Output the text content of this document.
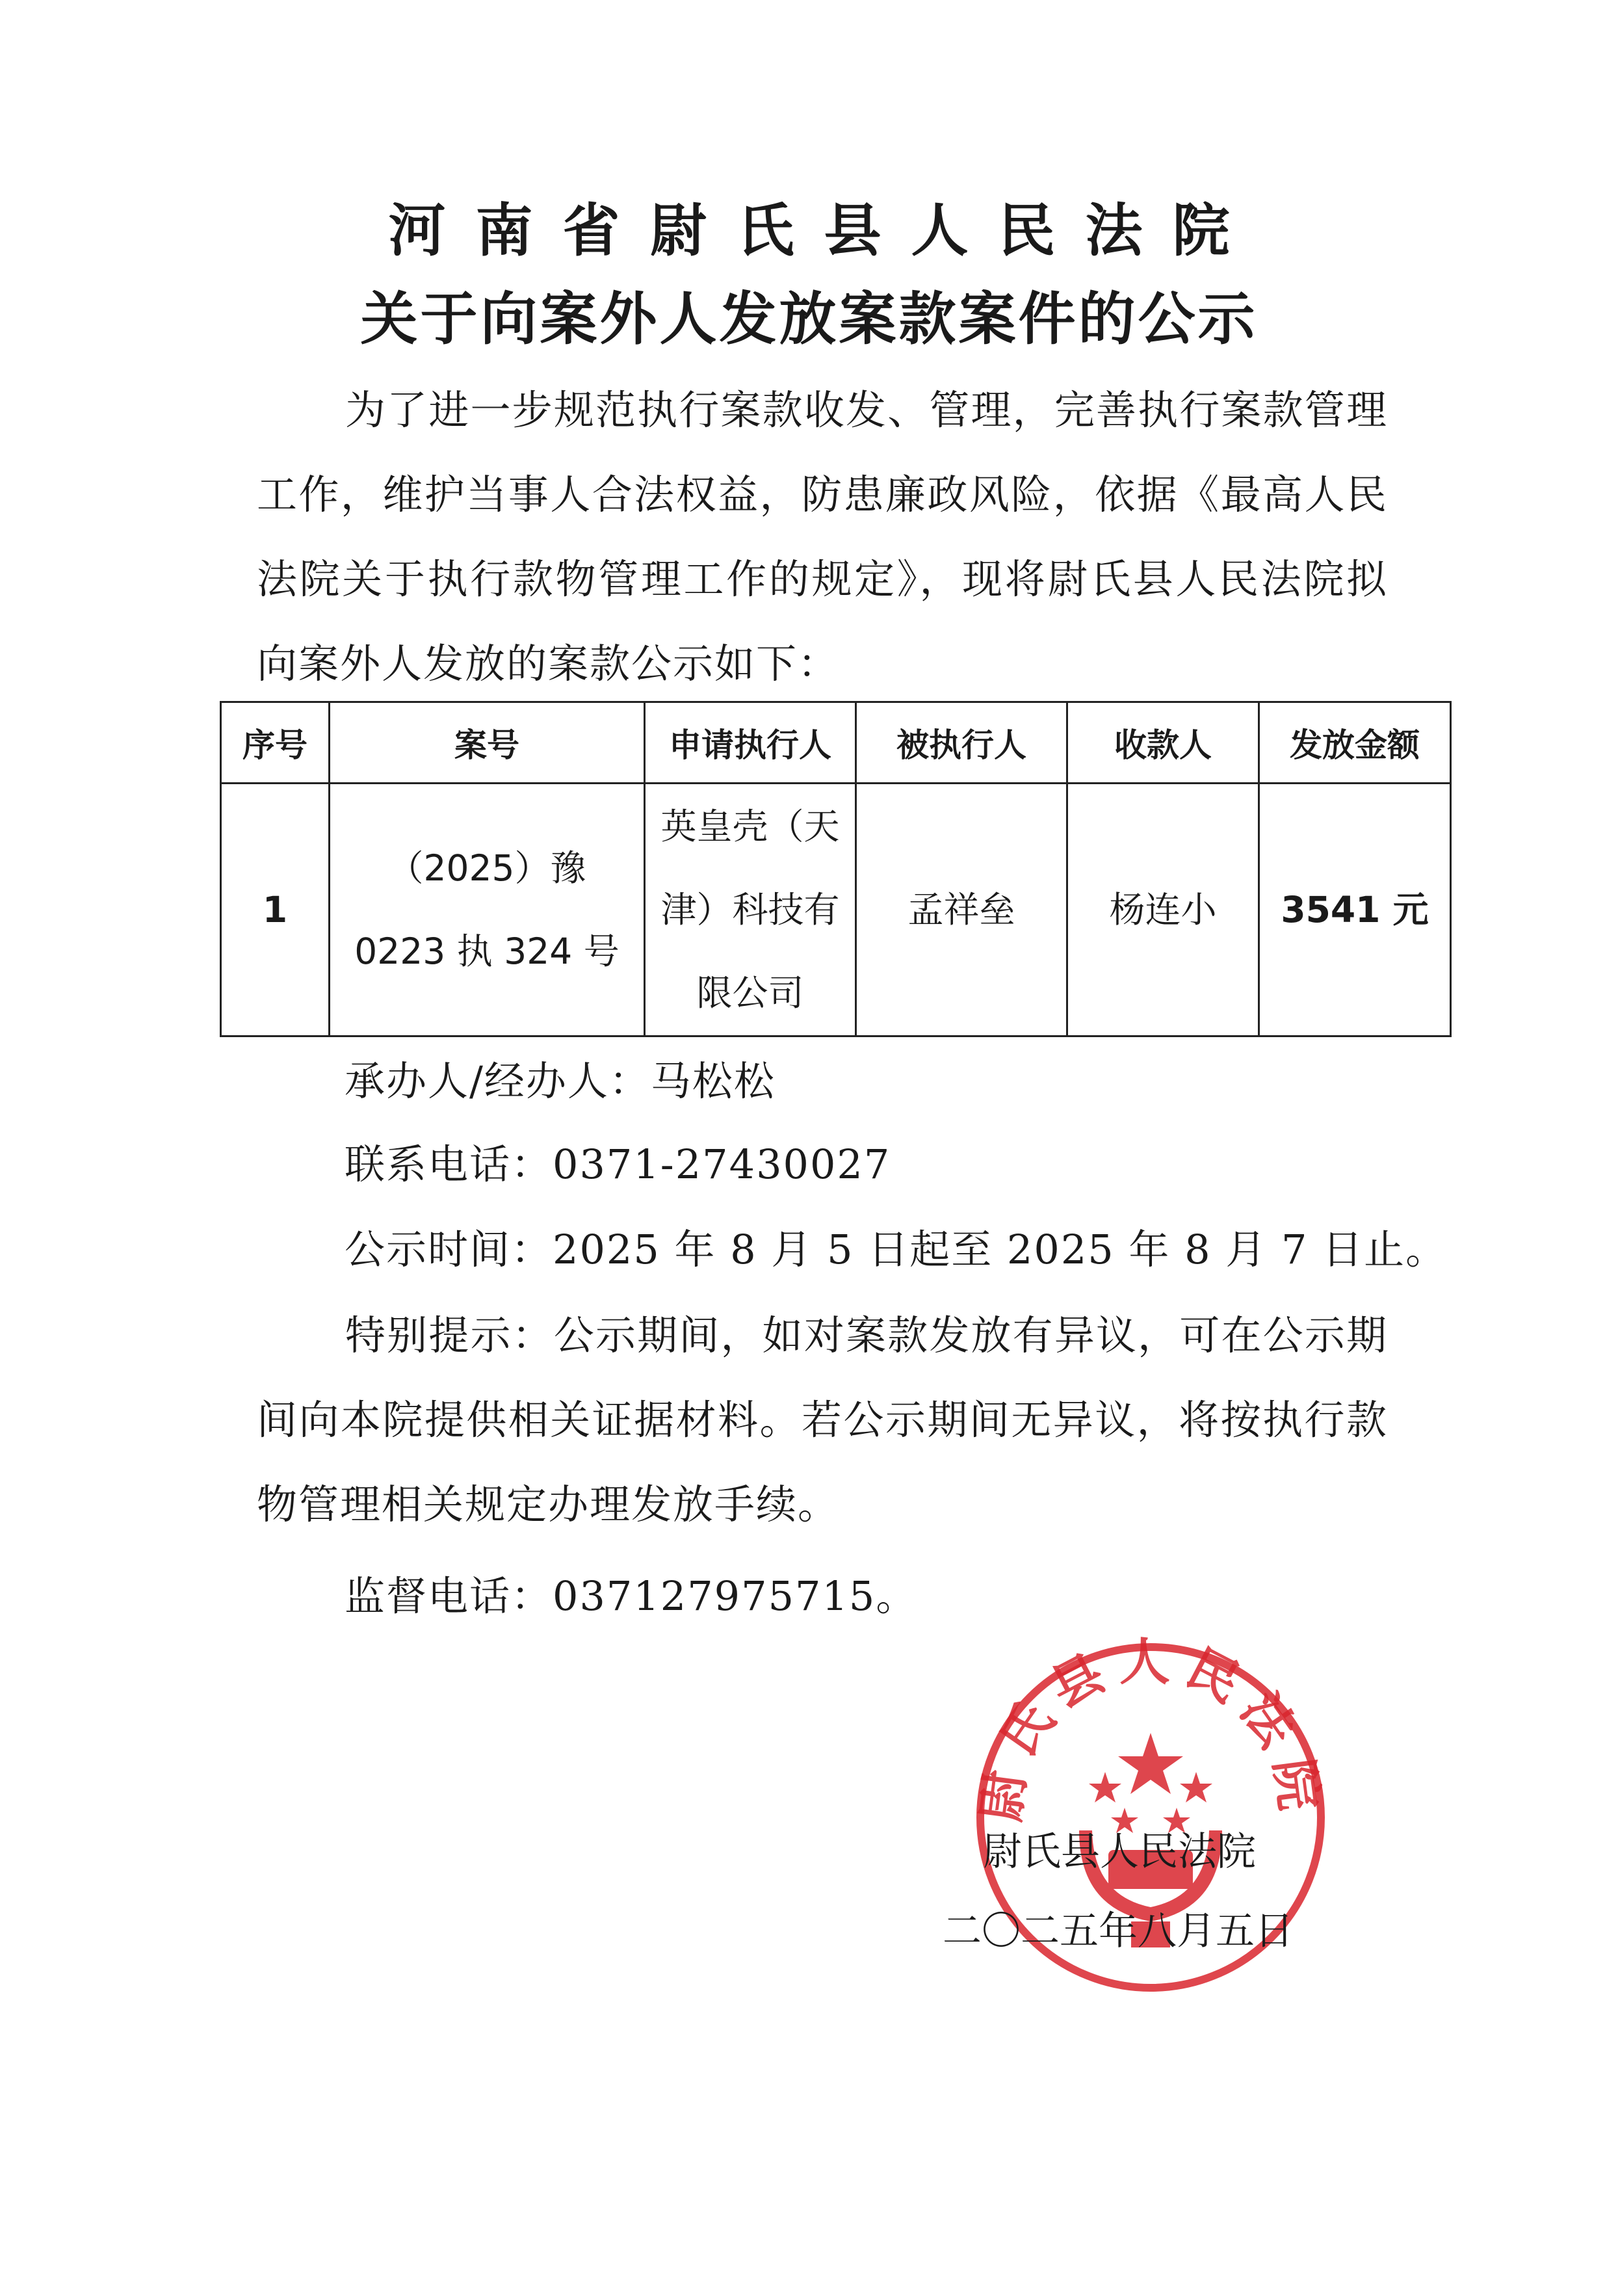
河南省尉氏县人民法院
关于向案外人发放案款案件的公示
为了进一步规范执行案款收发、管理，完善执行案款管理工作，维护当事人合法权益，防患廉政风险，依据《最高人民法院关于执行款物管理工作的规定》，现将尉氏县人民法院拟向案外人发放的案款公示如下：
序号	案号	申请执行人	被执行人	收款人	发放金额
1	（2025）豫 0223 执 324 号	英皇壳（天津）科技有限公司	孟祥垒	杨连小	3541 元
承办人/经办人：马松松
联系电话：0371-27430027
公示时间：2025 年 8 月 5 日起至 2025 年 8 月 7 日止。
特别提示：公示期间，如对案款发放有异议，可在公示期间向本院提供相关证据材料。若公示期间无异议，将按执行款物管理相关规定办理发放手续。
监督电话：037127975715。
尉氏县人民法院
尉氏县人民法院
二〇二五年八月五日
